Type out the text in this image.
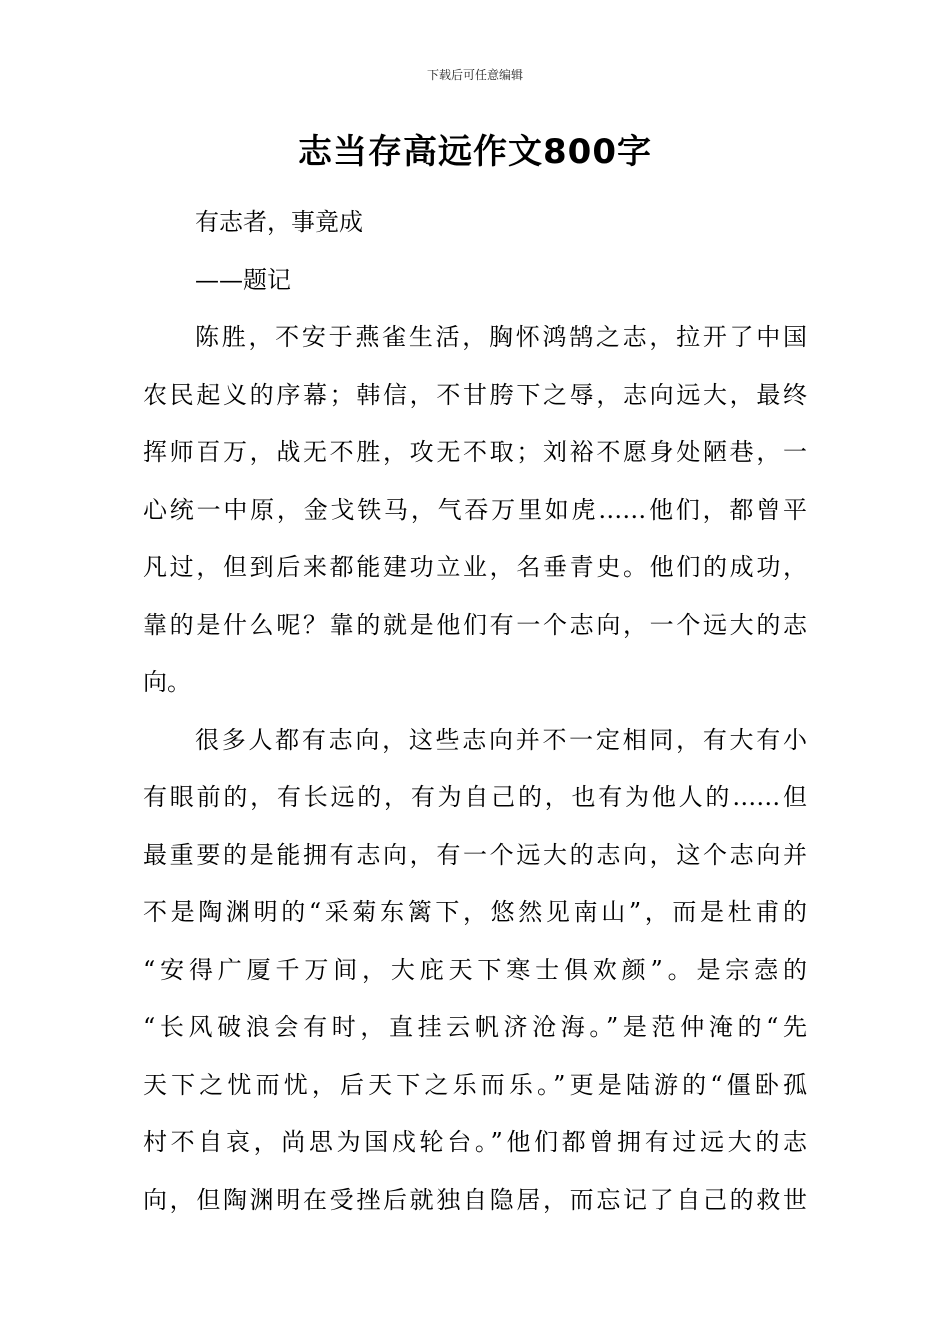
下载后可任意编辑
志当存高远作文800字
有志者，事竟成
——题记
陈胜，不安于燕雀生活，胸怀鸿鹄之志，拉开了中国
农民起义的序幕；韩信，不甘胯下之辱，志向远大，最终
挥师百万，战无不胜，攻无不取；刘裕不愿身处陋巷，一
心统一中原，金戈铁马，气吞万里如虎……他们，都曾平
凡过，但到后来都能建功立业，名垂青史。他们的成功，
靠的是什么呢？靠的就是他们有一个志向，一个远大的志
向。
很多人都有志向，这些志向并不一定相同，有大有小
有眼前的，有长远的，有为自己的，也有为他人的……但
最重要的是能拥有志向，有一个远大的志向，这个志向并
不是陶渊明的“采菊东篱下，悠然见南山”，而是杜甫的
“安得广厦千万间，大庇天下寒士俱欢颜”。是宗悫的
“长风破浪会有时，直挂云帆济沧海。”是范仲淹的“先
天下之忧而忧，后天下之乐而乐。”更是陆游的“僵卧孤
村不自哀，尚思为国戍轮台。”他们都曾拥有过远大的志
向，但陶渊明在受挫后就独自隐居，而忘记了自己的救世
